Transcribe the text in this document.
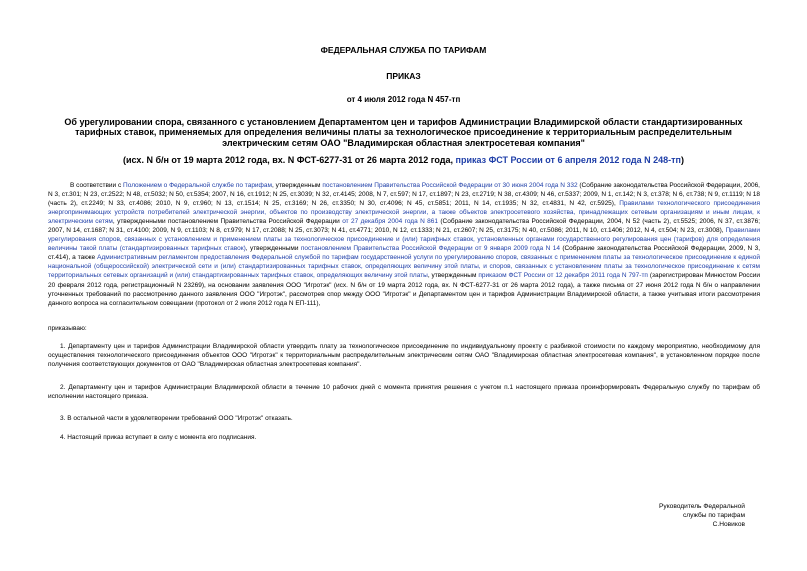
ФЕДЕРАЛЬНАЯ СЛУЖБА ПО ТАРИФАМ
ПРИКАЗ
от 4 июля 2012 года N 457-тп
Об урегулировании спора, связанного с установлением Департаментом цен и тарифов Администрации Владимирской области стандартизированных тарифных ставок, применяемых для определения величины платы за технологическое присоединение к территориальным распределительным электрическим сетям ОАО "Владимирская областная электросетевая компания"
(исх. N б/н от 19 марта 2012 года, вх. N ФСТ-6277-31 от 26 марта 2012 года, приказ ФСТ России от 6 апреля 2012 года N 248-тп)
В соответствии с Положением о Федеральной службе по тарифам, утвержденным постановлением Правительства Российской Федерации от 30 июня 2004 года N 332 (Собрание законодательства Российской Федерации, 2006, N 3, ст.301; N 23, ст.2522; N 48, ст.5032; N 50, ст.5354; 2007, N 16, ст.1912; N 25, ст.3039; N 32, ст.4145; 2008, N 7, ст.597; N 17, ст.1897; N 23, ст.2719; N 38, ст.4309; N 46, ст.5337; 2009, N 1, ст.142; N 3, ст.378; N 6, ст.738; N 9, ст.1119; N 18 (часть 2), ст.2249; N 33, ст.4086; 2010, N 9, ст.960; N 13, ст.1514; N 25, ст.3169; N 26, ст.3350; N 30, ст.4096; N 45, ст.5851; 2011, N 14, ст.1935; N 32, ст.4831, N 42, ст.5925), Правилами технологического присоединения энергопринимающих устройств потребителей электрической энергии, объектов по производству электрической энергии, а также объектов электросетевого хозяйства, принадлежащих сетевым организациям и иным лицам, к электрическим сетям, утвержденными постановлением Правительства Российской Федерации от 27 декабря 2004 года N 861 (Собрание законодательства Российской Федерации, 2004, N 52 (часть 2), ст.5525; 2006, N 37, ст.3876; 2007, N 14, ст.1687; N 31, ст.4100; 2009, N 9, ст.1103; N 8, ст.979; N 17, ст.2088; N 25, ст.3073; N 41, ст.4771; 2010, N 12, ст.1333; N 21, ст.2607; N 25, ст.3175; N 40, ст.5086; 2011, N 10, ст.1406; 2012, N 4, ст.504; N 23, ст.3008), Правилами урегулирования споров, связанных с установлением и применением платы за технологическое присоединение и (или) тарифных ставок, установленных органами государственного регулирования цен (тарифов) для определения величины такой платы (стандартизированных тарифных ставок), утвержденными постановлением Правительства Российской Федерации от 9 января 2009 года N 14 (Собрание законодательства Российской Федерации, 2009, N 3, ст.414), а также Административным регламентом предоставления Федеральной службой по тарифам государственной услуги по урегулированию споров, связанных с применением платы за технологическое присоединение к единой национальной (общероссийской) электрической сети и (или) стандартизированных тарифных ставок, определяющих величину этой платы, и споров, связанных с установлением платы за технологическое присоединение к сетям территориальных сетевых организаций и (или) стандартизированных тарифных ставок, определяющих величину этой платы, утвержденным приказом ФСТ России от 12 декабря 2011 года N 797-тп (зарегистрирован Минюстом России 20 февраля 2012 года, регистрационный N 23269), на основании заявления ООО "Игротэк" (исх. N б/н от 19 марта 2012 года, вх. N ФСТ-6277-31 от 26 марта 2012 года), а также письма от 27 июня 2012 года N б/н о направлении уточненных требований по рассмотрению данного заявления ООО "Игротэк", рассмотрев спор между ООО "Игротэк" и Департаментом цен и тарифов Администрации Владимирской области, а также учитывая итоги рассмотрения данного вопроса на согласительном совещании (протокол от 2 июля 2012 года N ЕП-111),
приказываю:
1. Департаменту цен и тарифов Администрации Владимирской области утвердить плату за технологическое присоединение по индивидуальному проекту с разбивкой стоимости по каждому мероприятию, необходимому для осуществления технологического присоединения объектов ООО "Игротэк" к территориальным распределительным электрическим сетям ОАО "Владимирская областная электросетевая компания", в установленном порядке после получения соответствующих документов от ОАО "Владимирская областная электросетевая компания".
2. Департаменту цен и тарифов Администрации Владимирской области в течение 10 рабочих дней с момента принятия решения с учетом п.1 настоящего приказа проинформировать Федеральную службу по тарифам об исполнении настоящего приказа.
3. В остальной части в удовлетворении требований ООО "Игротэк" отказать.
4. Настоящий приказ вступает в силу с момента его подписания.
Руководитель Федеральной
службы по тарифам
С.Новиков
